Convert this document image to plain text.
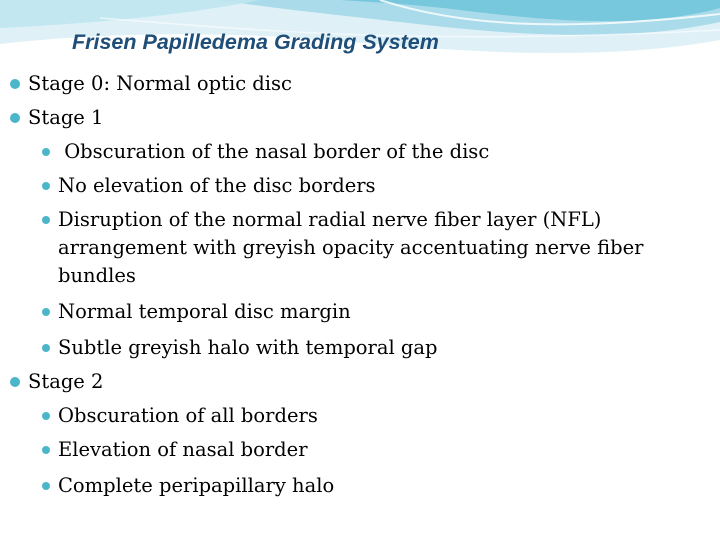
Frisen Papilledema Grading System
Stage 0: Normal optic disc
Stage 1
Obscuration of the nasal border of the disc
No elevation of the disc borders
Disruption of the normal radial nerve fiber layer (NFL)
arrangement with greyish opacity accentuating nerve fiber
bundles
Normal temporal disc margin
Subtle greyish halo with temporal gap
Stage 2
Obscuration of all borders
Elevation of nasal border
Complete peripapillary halo
